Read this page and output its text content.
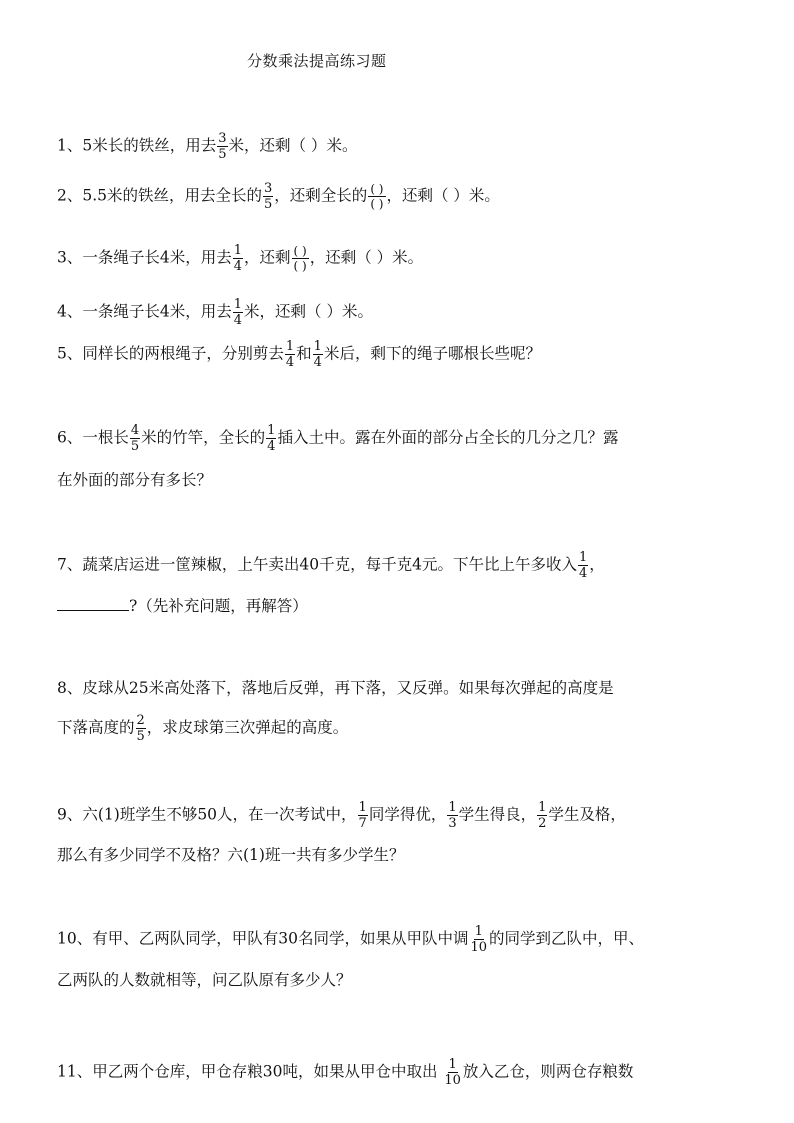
分数乘法提高练习题
1、5米长的铁丝，用去 $\frac{3}{5}$ 米，还剩（ ）米。
2、5.5米的铁丝，用去全长的 $\frac{3}{5}$ ，还剩全长的 $\frac{( )}{( )}$ ，还剩（ ）米。
3、一条绳子长4米，用去 $\frac{1}{4}$ ，还剩 $\frac{( )}{( )}$ ，还剩（ ）米。
4、一条绳子长4米，用去 $\frac{1}{4}$ 米，还剩（ ）米。
5、同样长的两根绳子，分别剪去 $\frac{1}{4}$ 和 $\frac{1}{4}$ 米后，剩下的绳子哪根长些呢？
6、一根长 $\frac{4}{5}$ 米的竹竿，全长的 $\frac{1}{4}$ 插入土中。露在外面的部分占全长的几分之几？露
在外面的部分有多长？
7、蔬菜店运进一筐辣椒，上午卖出40千克，每千克4元。下午比上午多收入 $\frac{1}{4}$ ，
?（先补充问题，再解答）
8、皮球从25米高处落下，落地后反弹，再下落，又反弹。如果每次弹起的高度是
下落高度的 $\frac{2}{5}$ ，求皮球第三次弹起的高度。
9、六(1)班学生不够50人，在一次考试中， $\frac{1}{7}$ 同学得优， $\frac{1}{3}$ 学生得良， $\frac{1}{2}$ 学生及格，
那么有多少同学不及格？六(1)班一共有多少学生？
10、有甲、乙两队同学，甲队有30名同学，如果从甲队中调 $\frac{1}{10}$ 的同学到乙队中，甲、
乙两队的人数就相等，问乙队原有多少人？
11、甲乙两个仓库，甲仓存粮30吨，如果从甲仓中取出 $\frac{1}{10}$ 放入乙仓，则两仓存粮数
